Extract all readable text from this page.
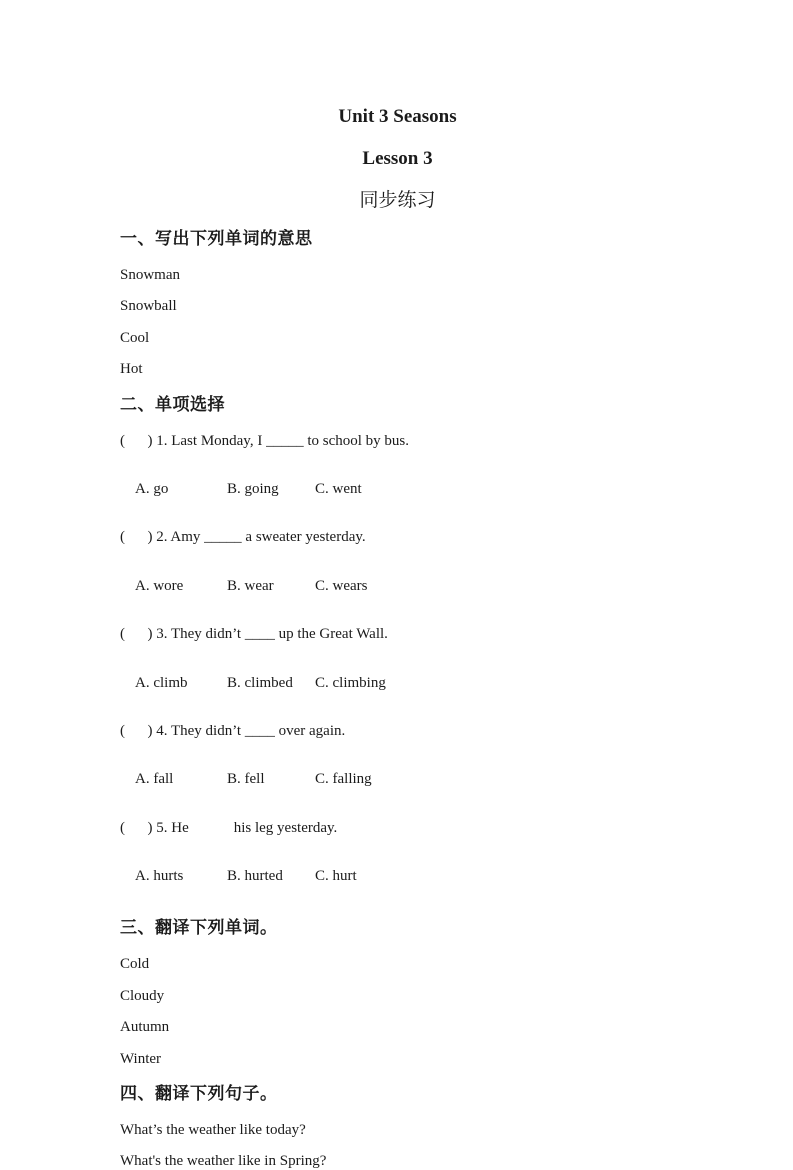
Unit 3 Seasons
Lesson 3
同步练习
一、写出下列单词的意思
Snowman
Snowball
Cool
Hot
二、单项选择
(      ) 1. Last Monday, I _____ to school by bus.

A. go	B. going C. went

(      ) 2. Amy _____ a sweater yesterday.

A. wore	B. wear	C. wears

(      ) 3. They didn’t ____ up the Great Wall.

A. climb	B. climbed C. climbing

(      ) 4. They didn’t ____ over again.

A. fall	B. fell	C. falling

(      ) 5. He            his leg yesterday.

A. hurts	B. hurted C. hurt

三、翻译下列单词。
Cold
Cloudy
Autumn
Winter
四、翻译下列句子。
What’s the weather like today?
What's the weather like in Spring?
